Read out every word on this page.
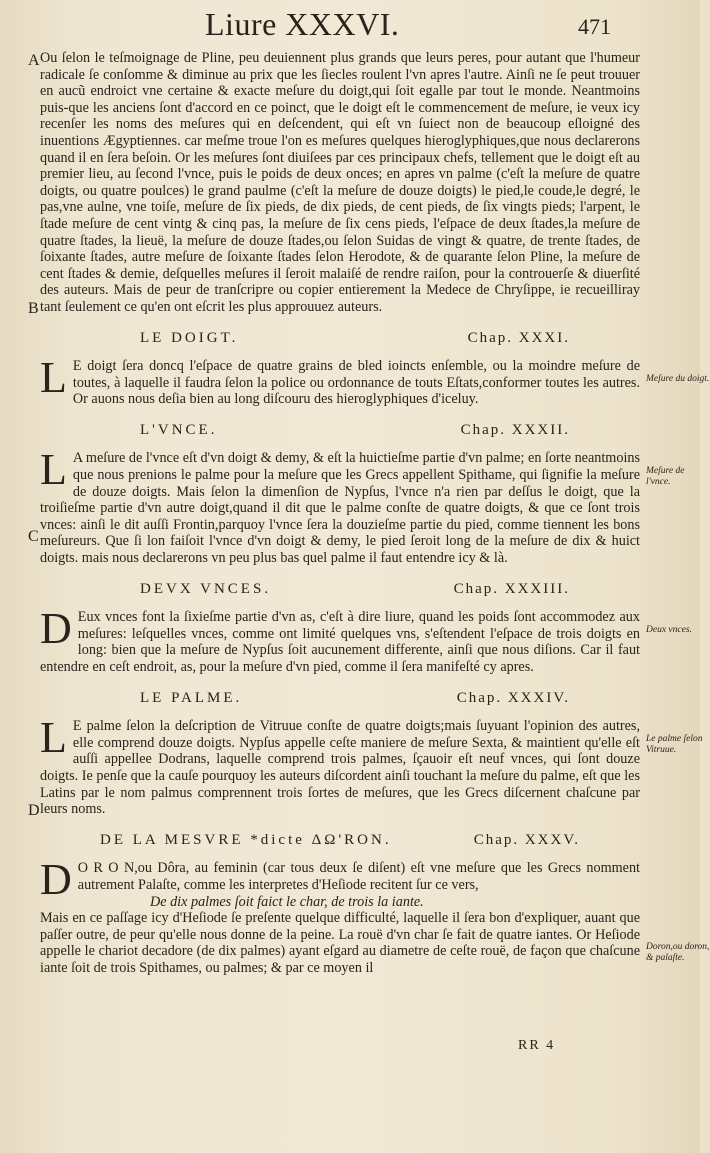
Liure XXXVI.	471
A
B
C
D

Ou ſelon le teſmoignage de Pline, peu deuiennent plus grands que leurs peres, pour autant que l'humeur radicale ſe conſomme & diminue au prix que les ſiecles roulent l'vn apres l'autre. Ainſi ne ſe peut trouuer en aucũ endroict vne certaine & exacte meſure du doigt,qui ſoit egalle par tout le monde. Neantmoins puis-que les anciens ſont d'accord en ce poinct, que le doigt eſt le commencement de meſure, ie veux icy recenſer les noms des meſures qui en deſcendent, qui eſt vn ſuiect non de beaucoup eſloigné des inuentions Ægyptiennes. car meſme troue l'on es meſures quelques hieroglyphiques,que nous declarerons quand il en ſera beſoin. Or les meſures ſont diuiſees par ces principaux chefs, tellement que le doigt eſt au premier lieu, au ſecond l'vnce, puis le poids de deux onces; en apres vn palme (c'eſt la meſure de quatre doigts, ou quatre poulces) le grand paulme (c'eſt la meſure de douze doigts) le pied,le coude,le degré, le pas,vne aulne, vne toiſe, meſure de ſix pieds, de dix pieds, de cent pieds, de ſix vingts pieds; l'arpent, le ſtade meſure de cent vintg & cinq pas, la meſure de ſix cens pieds, l'eſpace de deux ſtades,la meſure de quatre ſtades, la lieuë, la meſure de douze ſtades,ou ſelon Suidas de vingt & quatre, de trente ſtades, de ſoixante ſtades, autre meſure de ſoixante ſtades ſelon Herodote, & de quarante ſelon Pline, la meſure de cent ſtades & demie, deſquelles meſures il ſeroit malaiſé de rendre raiſon, pour la controuerſe & diuerſité des auteurs. Mais de peur de tranſcripre ou copier entierement la Medece de Chryſippe, ie recueilliray tant ſeulement ce qu'en ont eſcrit les plus approuuez auteurs.

LE DOIGT.	Chap. XXXI.
Meſure du doigt.

L E doigt ſera doncq l'eſpace de quatre grains de bled ioincts enſemble, ou la moindre meſure de toutes, à laquelle il faudra ſelon la police ou ordonnance de touts Eſtats,conformer toutes les autres. Or auons nous deſia bien au long diſcouru des hieroglyphiques d'iceluy.

L'VNCE.	Chap. XXXII.
Meſure de l'vnce.

L A meſure de l'vnce eſt d'vn doigt & demy, & eſt la huictieſme partie d'vn palme; en ſorte neantmoins que nous prenions le palme pour la meſure que les Grecs appellent Spithame, qui ſignifie la meſure de douze doigts. Mais ſelon la dimenſion de Nypſus, l'vnce n'a rien par deſſus le doigt, que la troiſieſme partie d'vn autre doigt,quand il dit que le palme conſte de quatre doigts, & que ce ſont trois vnces: ainſi le dit auſſi Frontin,parquoy l'vnce ſera la douzieſme partie du pied, comme tiennent les bons meſureurs. Que ſi lon faiſoit l'vnce d'vn doigt & demy, le pied ſeroit long de la meſure de dix & huict doigts. mais nous declarerons vn peu plus bas quel palme il faut entendre icy & là.

DEVX VNCES.	Chap. XXXIII.
Deux vnces.

D Eux vnces font la ſixieſme partie d'vn as, c'eſt à dire liure, quand les poids ſont accommodez aux meſures: leſquelles vnces, comme ont limité quelques vns, s'eſtendent l'eſpace de trois doigts en long: bien que la meſure de Nypſus ſoit aucunement differente, ainſi que nous diſions. Car il faut entendre en ceſt endroit, as, pour la meſure d'vn pied, comme il ſera manifeſté cy apres.

LE PALME.	Chap. XXXIV.
Le palme ſelon Vitruue.

L E palme ſelon la deſcription de Vitruue conſte de quatre doigts;mais ſuyuant l'opinion des autres, elle comprend douze doigts. Nypſus appelle ceſte maniere de meſure Sexta, & maintient qu'elle eſt auſſi appellee Dodrans, laquelle comprend trois palmes, ſçauoir eſt neuf vnces, qui ſont douze doigts. Ie penſe que la cauſe pourquoy les auteurs diſcordent ainſi touchant la meſure du palme, eſt que les Latins par le nom palmus comprennent trois ſortes de meſures, que les Grecs diſcernent chaſcune par leurs noms.

DE LA MESVRE *dicte ΔΩ'RON.	Chap. XXXV.
Doron,ou doron, & palaſte.

D O R O N,ou Dôra, au feminin (car tous deux ſe diſent) eſt vne meſure que les Grecs nomment autrement Palaſte, comme les interpretes d'Heſiode recitent ſur ce vers,

De dix palmes ſoit faict le char, de trois la iante.

Mais en ce paſſage icy d'Heſiode ſe preſente quelque difficulté, laquelle il ſera bon d'expliquer, auant que paſſer outre, de peur qu'elle nous donne de la peine. La rouë d'vn char ſe fait de quatre iantes. Or Heſiode appelle le chariot decadore (de dix palmes) ayant eſgard au diametre de ceſte rouë, de façon que chaſcune iante ſoit de trois Spithames, ou palmes; & par ce moyen il

RR 4
